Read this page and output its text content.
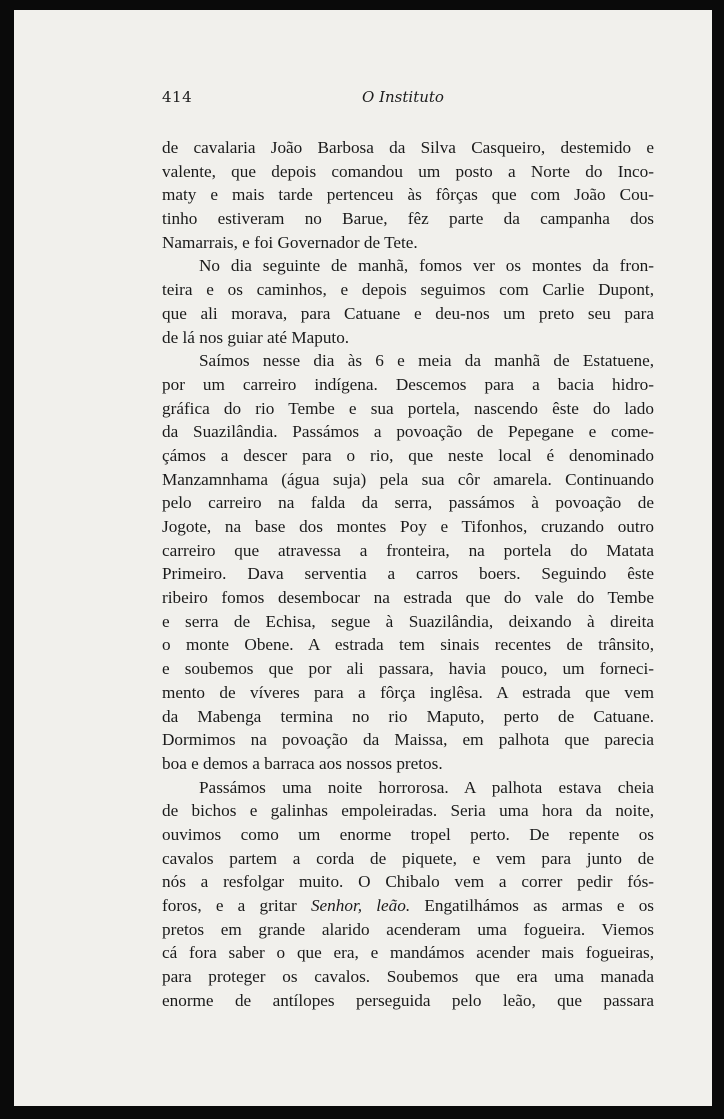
414	O Instituto

de cavalaria João Barbosa da Silva Casqueiro, destemido e
valente, que depois comandou um posto a Norte do Inco-
maty e mais tarde pertenceu às fôrças que com João Cou-
tinho estiveram no Barue, fêz parte da campanha dos
Namarrais, e foi Governador de Tete.

No dia seguinte de manhã, fomos ver os montes da fron-
teira e os caminhos, e depois seguimos com Carlie Dupont,
que ali morava, para Catuane e deu-nos um preto seu para
de lá nos guiar até Maputo.

Saímos nesse dia às 6 e meia da manhã de Estatuene,
por um carreiro indígena. Descemos para a bacia hidro-
gráfica do rio Tembe e sua portela, nascendo êste do lado
da Suazilândia. Passámos a povoação de Pepegane e come-
çámos a descer para o rio, que neste local é denominado
Manzamnhama (água suja) pela sua côr amarela. Continuando
pelo carreiro na falda da serra, passámos à povoação de
Jogote, na base dos montes Poy e Tifonhos, cruzando outro
carreiro que atravessa a fronteira, na portela do Matata
Primeiro. Dava serventia a carros boers. Seguindo êste
ribeiro fomos desembocar na estrada que do vale do Tembe
e serra de Echisa, segue à Suazilândia, deixando à direita
o monte Obene. A estrada tem sinais recentes de trânsito,
e soubemos que por ali passara, havia pouco, um forneci-
mento de víveres para a fôrça inglêsa. A estrada que vem
da Mabenga termina no rio Maputo, perto de Catuane.
Dormimos na povoação da Maissa, em palhota que parecia
boa e demos a barraca aos nossos pretos.

Passámos uma noite horrorosa. A palhota estava cheia
de bichos e galinhas empoleiradas. Seria uma hora da noite,
ouvimos como um enorme tropel perto. De repente os
cavalos partem a corda de piquete, e vem para junto de
nós a resfolgar muito. O Chibalo vem a correr pedir fós-
foros, e a gritar Senhor, leão. Engatilhámos as armas e os
pretos em grande alarido acenderam uma fogueira. Viemos
cá fora saber o que era, e mandámos acender mais fogueiras,
para proteger os cavalos. Soubemos que era uma manada
enorme de antílopes perseguida pelo leão, que passara
